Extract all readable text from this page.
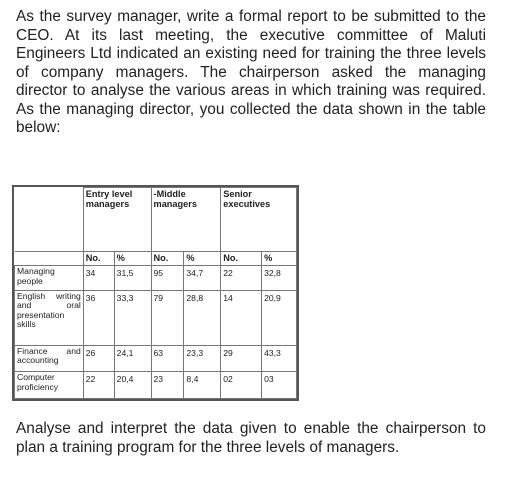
As the survey manager, write a formal report to be submitted to the CEO. At its last meeting, the executive committee of Maluti Engineers Ltd indicated an existing need for training the three levels of company managers. The chairperson asked the managing director to analyse the various areas in which training was required. As the managing director, you collected the data shown in the table below:

	Entry level managers		-Middle managers		Senior executives	
	No.	%	No.	%	No.	%
Managing people	34	31,5	95	34,7	22	32,8
English writing and oral presentation skills	36	33,3	79	28,8	14	20,9
Finance and accounting	26	24,1	63	23,3	29	43,3
Computer proficiency	22	20,4	23	8,4	02	03

Analyse and interpret the data given to enable the chairperson to plan a training program for the three levels of managers.
